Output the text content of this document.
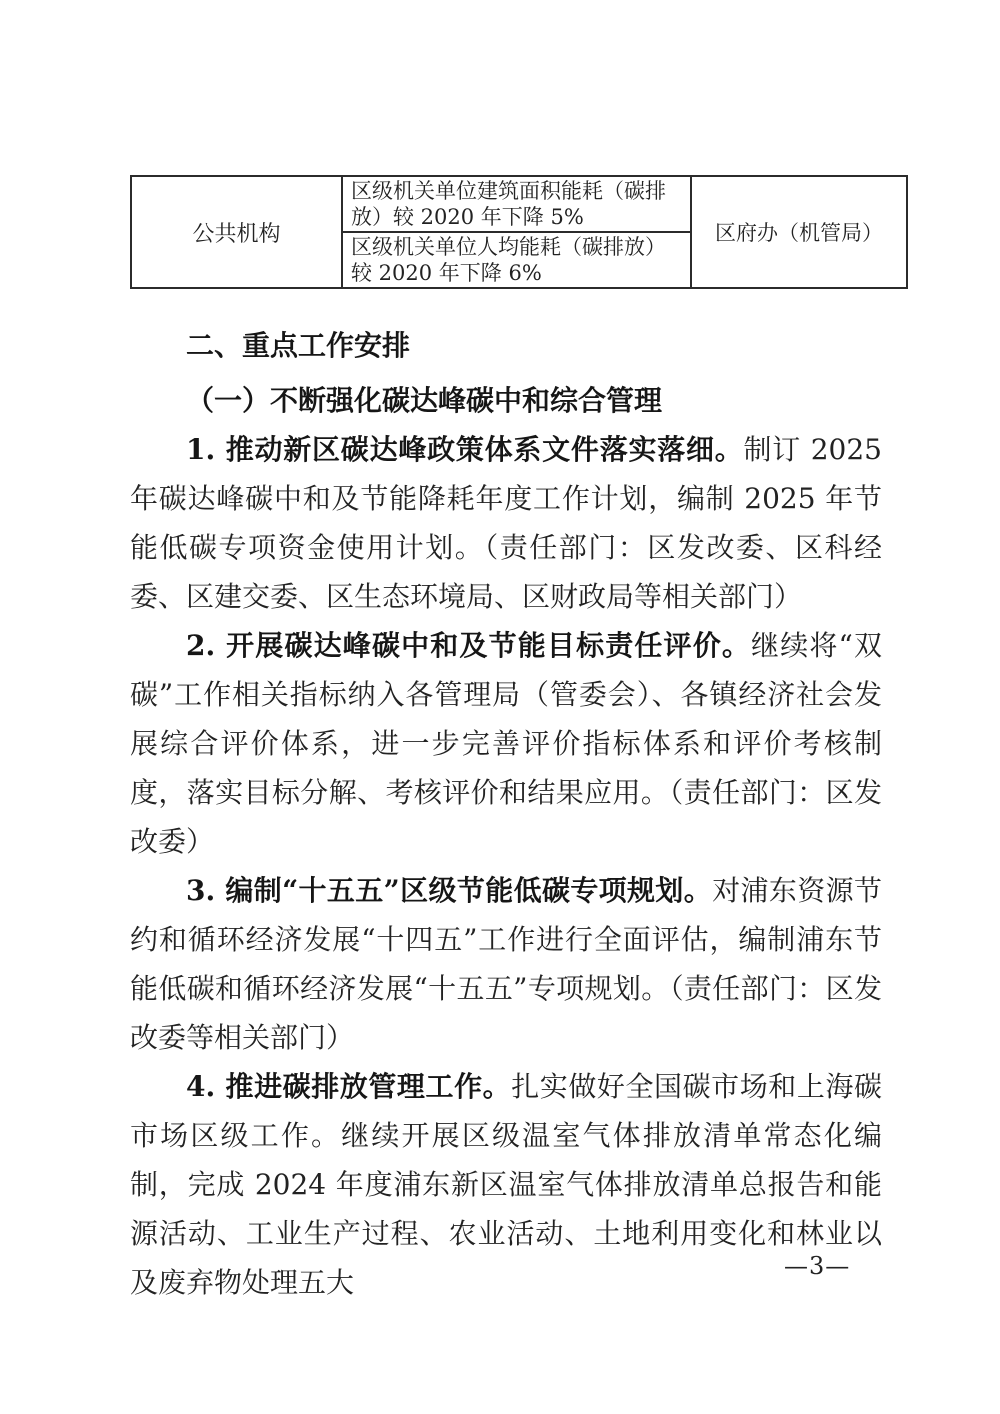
公共机构	区级机关单位建筑面积能耗（碳排放）较 2020 年下降 5%	区府办（机管局）
区级机关单位人均能耗（碳排放）较 2020 年下降 6%
二、重点工作安排
（一）不断强化碳达峰碳中和综合管理

1. 推动新区碳达峰政策体系文件落实落细。制订 2025 年碳达峰碳中和及节能降耗年度工作计划，编制 2025 年节能低碳专项资金使用计划。（责任部门：区发改委、区科经委、区建交委、区生态环境局、区财政局等相关部门）

2. 开展碳达峰碳中和及节能目标责任评价。继续将“双碳”工作相关指标纳入各管理局（管委会）、各镇经济社会发展综合评价体系，进一步完善评价指标体系和评价考核制度，落实目标分解、考核评价和结果应用。（责任部门：区发改委）

3. 编制“十五五”区级节能低碳专项规划。对浦东资源节约和循环经济发展“十四五”工作进行全面评估，编制浦东节能低碳和循环经济发展“十五五”专项规划。（责任部门：区发改委等相关部门）

4. 推进碳排放管理工作。扎实做好全国碳市场和上海碳市场区级工作。继续开展区级温室气体排放清单常态化编制，完成 2024 年度浦东新区温室气体排放清单总报告和能源活动、工业生产过程、农业活动、土地利用变化和林业以及废弃物处理五大	—3—
